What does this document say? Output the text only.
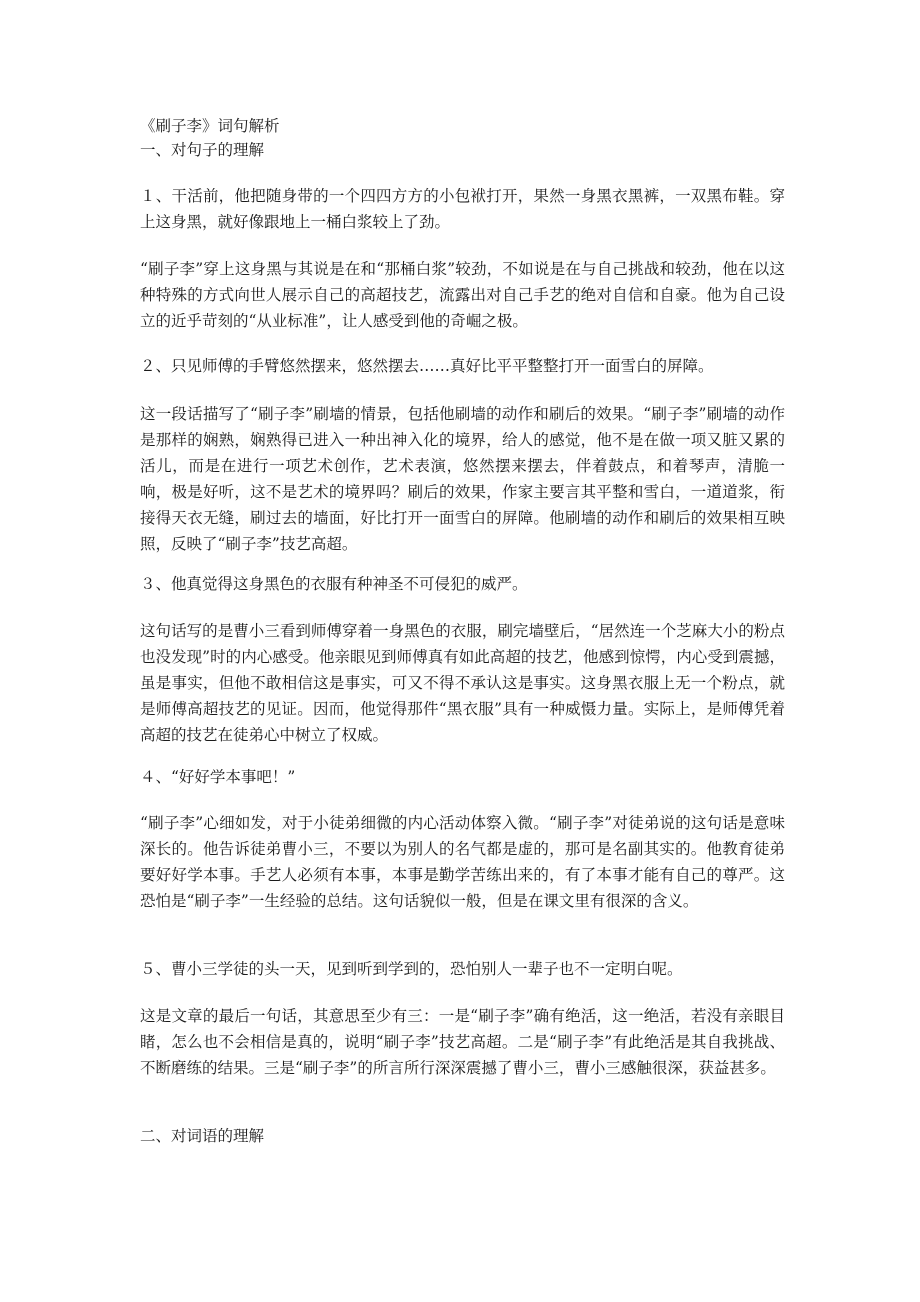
《刷子李》词句解析
一、对句子的理解
１、干活前，他把随身带的一个四四方方的小包袱打开，果然一身黑衣黑裤，一双黑布鞋。穿上这身黑，就好像跟地上一桶白浆较上了劲。
“刷子李”穿上这身黑与其说是在和“那桶白浆”较劲，不如说是在与自己挑战和较劲，他在以这种特殊的方式向世人展示自己的高超技艺，流露出对自己手艺的绝对自信和自豪。他为自己设立的近乎苛刻的“从业标准”，让人感受到他的奇崛之极。
２、只见师傅的手臂悠然摆来，悠然摆去……真好比平平整整打开一面雪白的屏障。
这一段话描写了“刷子李”刷墙的情景，包括他刷墙的动作和刷后的效果。“刷子李”刷墙的动作是那样的娴熟，娴熟得已进入一种出神入化的境界，给人的感觉，他不是在做一项又脏又累的活儿，而是在进行一项艺术创作，艺术表演，悠然摆来摆去，伴着鼓点，和着琴声，清脆一响，极是好听，这不是艺术的境界吗？刷后的效果，作家主要言其平整和雪白，一道道浆，衔接得天衣无缝，刷过去的墙面，好比打开一面雪白的屏障。他刷墙的动作和刷后的效果相互映照，反映了“刷子李”技艺高超。
３、他真觉得这身黑色的衣服有种神圣不可侵犯的威严。
这句话写的是曹小三看到师傅穿着一身黑色的衣服，刷完墙壁后，“居然连一个芝麻大小的粉点也没发现”时的内心感受。他亲眼见到师傅真有如此高超的技艺，他感到惊愕，内心受到震撼，虽是事实，但他不敢相信这是事实，可又不得不承认这是事实。这身黑衣服上无一个粉点，就是师傅高超技艺的见证。因而，他觉得那件“黑衣服”具有一种威慑力量。实际上，是师傅凭着高超的技艺在徒弟心中树立了权威。
４、“好好学本事吧！”
“刷子李”心细如发，对于小徒弟细微的内心活动体察入微。“刷子李”对徒弟说的这句话是意味深长的。他告诉徒弟曹小三，不要以为别人的名气都是虚的，那可是名副其实的。他教育徒弟要好好学本事。手艺人必须有本事，本事是勤学苦练出来的，有了本事才能有自己的尊严。这恐怕是“刷子李”一生经验的总结。这句话貌似一般，但是在课文里有很深的含义。
５、曹小三学徒的头一天，见到听到学到的，恐怕别人一辈子也不一定明白呢。
这是文章的最后一句话，其意思至少有三：一是“刷子李”确有绝活，这一绝活，若没有亲眼目睹，怎么也不会相信是真的，说明“刷子李”技艺高超。二是“刷子李”有此绝活是其自我挑战、不断磨练的结果。三是“刷子李”的所言所行深深震撼了曹小三，曹小三感触很深，获益甚多。
二、对词语的理解
